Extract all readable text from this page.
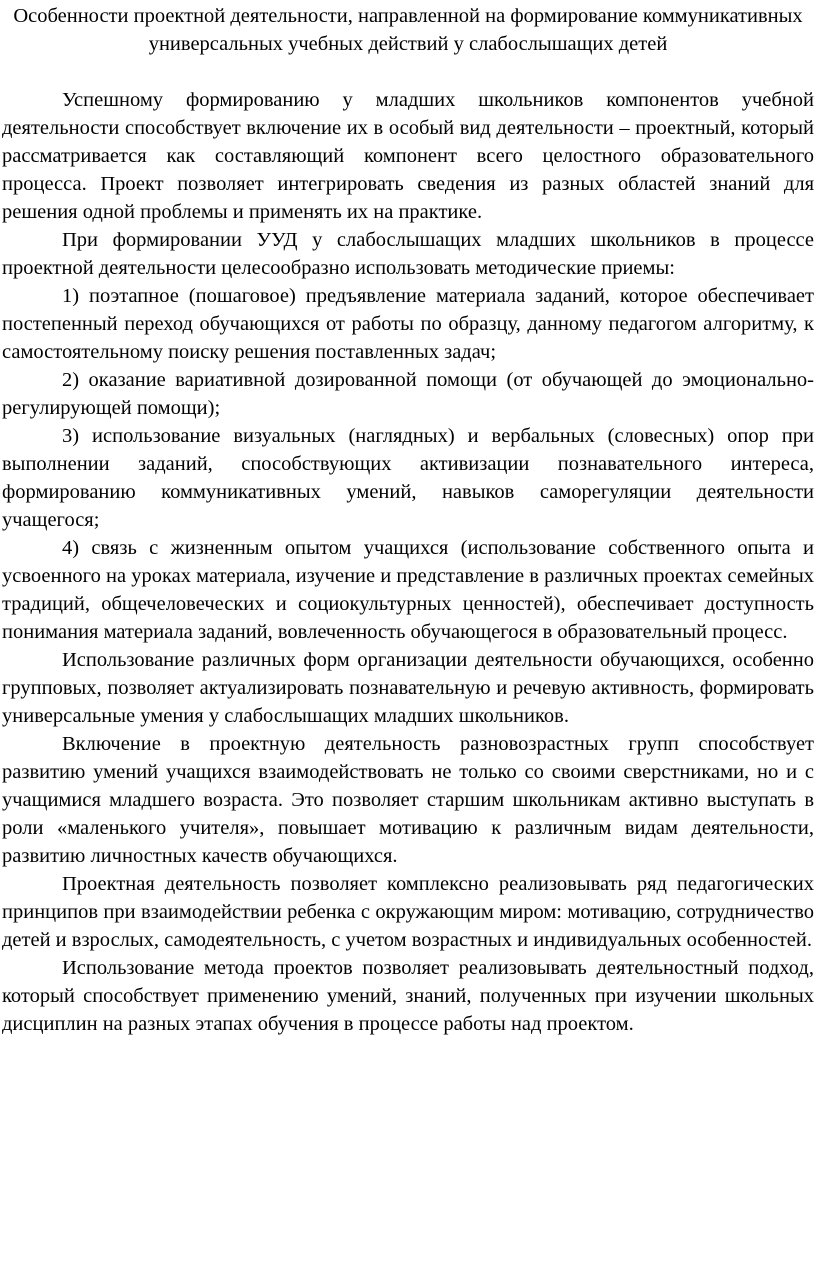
Особенности проектной деятельности, направленной на формирование коммуникативных универсальных учебных действий у слабослышащих детей

Успешному формированию у младших школьников компонентов учебной деятельности способствует включение их в особый вид деятельности – проектный, который рассматривается как составляющий компонент всего целостного образовательного процесса. Проект позволяет интегрировать сведения из разных областей знаний для решения одной проблемы и применять их на практике.

При формировании УУД у слабослышащих младших школьников в процессе проектной деятельности целесообразно использовать методические приемы:

1) поэтапное (пошаговое) предъявление материала заданий, которое обеспечивает постепенный переход обучающихся от работы по образцу, данному педагогом алгоритму, к самостоятельному поиску решения поставленных задач;

2) оказание вариативной дозированной помощи (от обучающей до эмоционально-регулирующей помощи);

3) использование визуальных (наглядных) и вербальных (словесных) опор при выполнении заданий, способствующих активизации познавательного интереса, формированию коммуникативных умений, навыков саморегуляции деятельности учащегося;

4) связь с жизненным опытом учащихся (использование собственного опыта и усвоенного на уроках материала, изучение и представление в различных проектах семейных традиций, общечеловеческих и социокультурных ценностей), обеспечивает доступность понимания материала заданий, вовлеченность обучающегося в образовательный процесс.

Использование различных форм организации деятельности обучающихся, особенно групповых, позволяет актуализировать познавательную и речевую активность, формировать универсальные умения у слабослышащих младших школьников.

Включение в проектную деятельность разновозрастных групп способствует развитию умений учащихся взаимодействовать не только со своими сверстниками, но и с учащимися младшего возраста. Это позволяет старшим школьникам активно выступать в роли «маленького учителя», повышает мотивацию к различным видам деятельности, развитию личностных качеств обучающихся.

Проектная деятельность позволяет комплексно реализовывать ряд педагогических принципов при взаимодействии ребенка с окружающим миром: мотивацию, сотрудничество детей и взрослых, самодеятельность, с учетом возрастных и индивидуальных особенностей.

Использование метода проектов позволяет реализовывать деятельностный подход, который способствует применению умений, знаний, полученных при изучении школьных дисциплин на разных этапах обучения в процессе работы над проектом.
